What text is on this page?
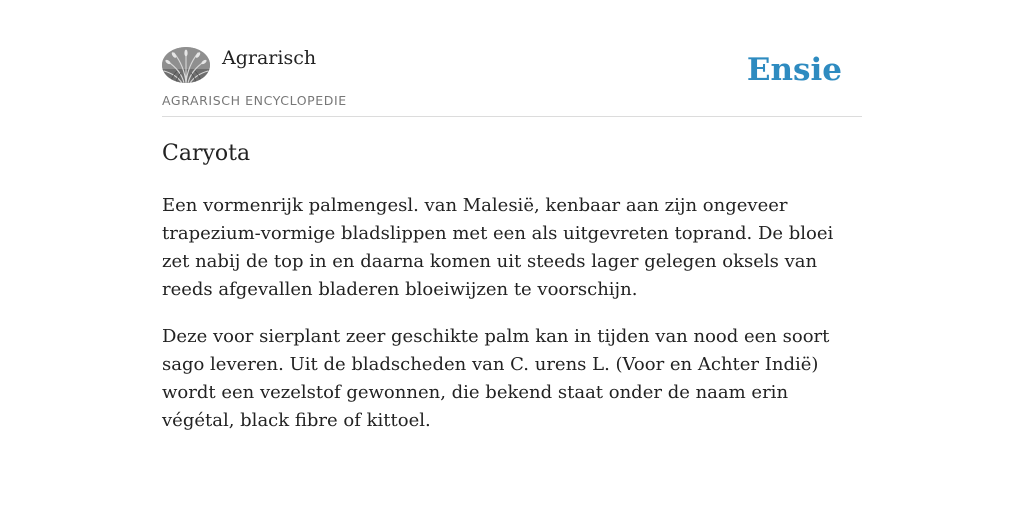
Agrarisch
AGRARISCH ENCYCLOPEDIE
Ensie
Caryota

Een vormenrijk palmengesl. van Malesië, kenbaar aan zijn ongeveer trapezium-vormige bladslippen met een als uitgevreten toprand. De bloei zet nabij de top in en daarna komen uit steeds lager gelegen oksels van reeds afgevallen bladeren bloeiwijzen te voorschijn.

Deze voor sierplant zeer geschikte palm kan in tijden van nood een soort sago leveren. Uit de bladscheden van C. urens L. (Voor en Achter Indië) wordt een vezelstof gewonnen, die bekend staat onder de naam erin végétal, black fibre of kittoel.
